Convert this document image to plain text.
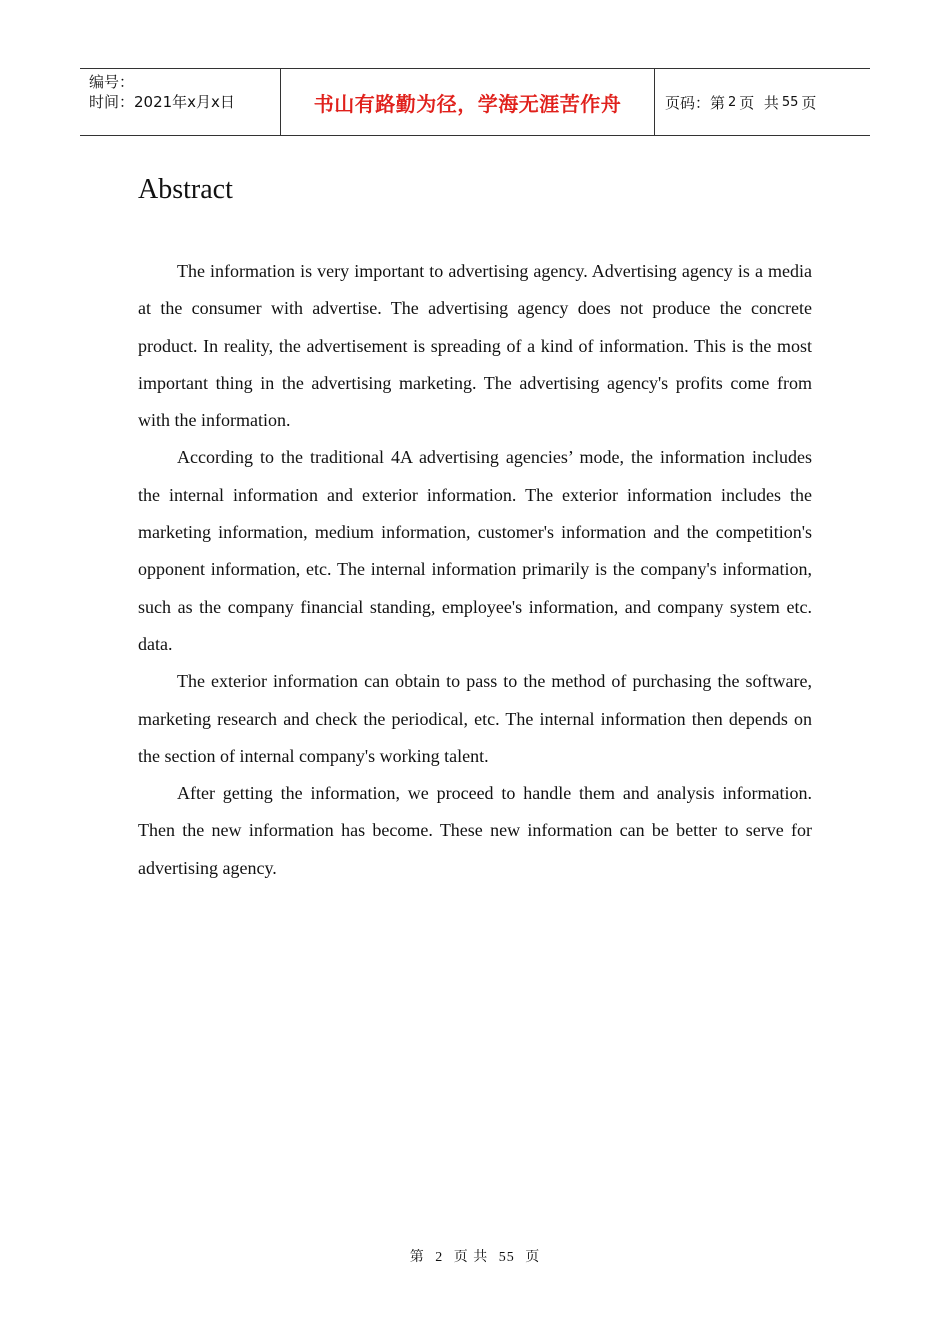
编号：
时间：2021年x月x日	书山有路勤为径，学海无涯苦作舟	页码：第 2 页  共 55 页
Abstract

The information is very important to advertising agency. Advertising agency is a media at the consumer with advertise. The advertising agency does not produce the concrete product. In reality, the advertisement is spreading of a kind of information. This is the most important thing in the advertising marketing. The advertising agency's profits come from with the information.

According to the traditional 4A advertising agencies’ mode, the information includes the internal information and exterior information. The exterior information includes the marketing information, medium information, customer's information and the competition's opponent information, etc. The internal information primarily is the company's information, such as the company financial standing, employee's information, and company system etc. data.

The exterior information can obtain to pass to the method of purchasing the software, marketing research and check the periodical, etc. The internal information then depends on the section of internal company's working talent.

After getting the information, we proceed to handle them and analysis information. Then the new information has become. These new information can be better to serve for advertising agency.

第 2 页 共 55 页
